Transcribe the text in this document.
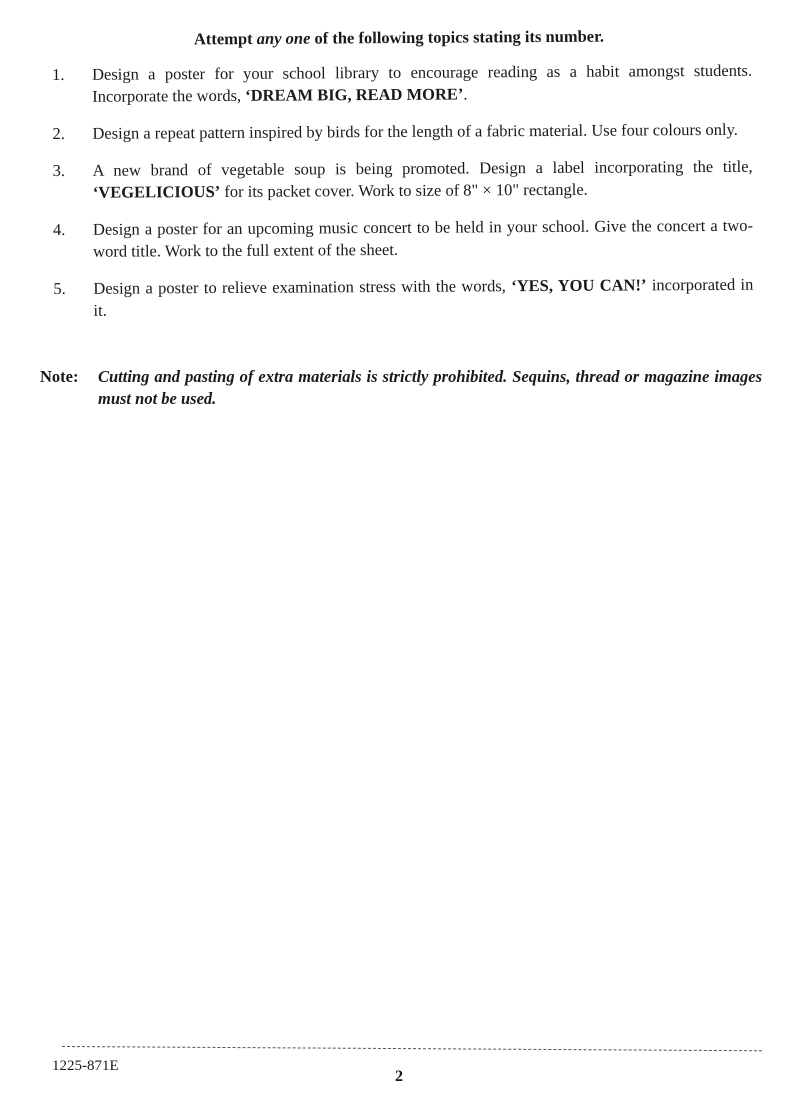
Attempt any one of the following topics stating its number.
1.	Design a poster for your school library to encourage reading as a habit amongst students. Incorporate the words, ‘DREAM BIG, READ MORE’.
2.	Design a repeat pattern inspired by birds for the length of a fabric material. Use four colours only.
3.	A new brand of vegetable soup is being promoted. Design a label incorporating the title, ‘VEGELICIOUS’ for its packet cover. Work to size of 8" × 10" rectangle.
4.	Design a poster for an upcoming music concert to be held in your school. Give the concert a two-word title. Work to the full extent of the sheet.
5.	Design a poster to relieve examination stress with the words, ‘YES, YOU CAN!’ incorporated in it.
Note:	Cutting and pasting of extra materials is strictly prohibited. Sequins, thread or magazine images must not be used.
1225-871E
2
